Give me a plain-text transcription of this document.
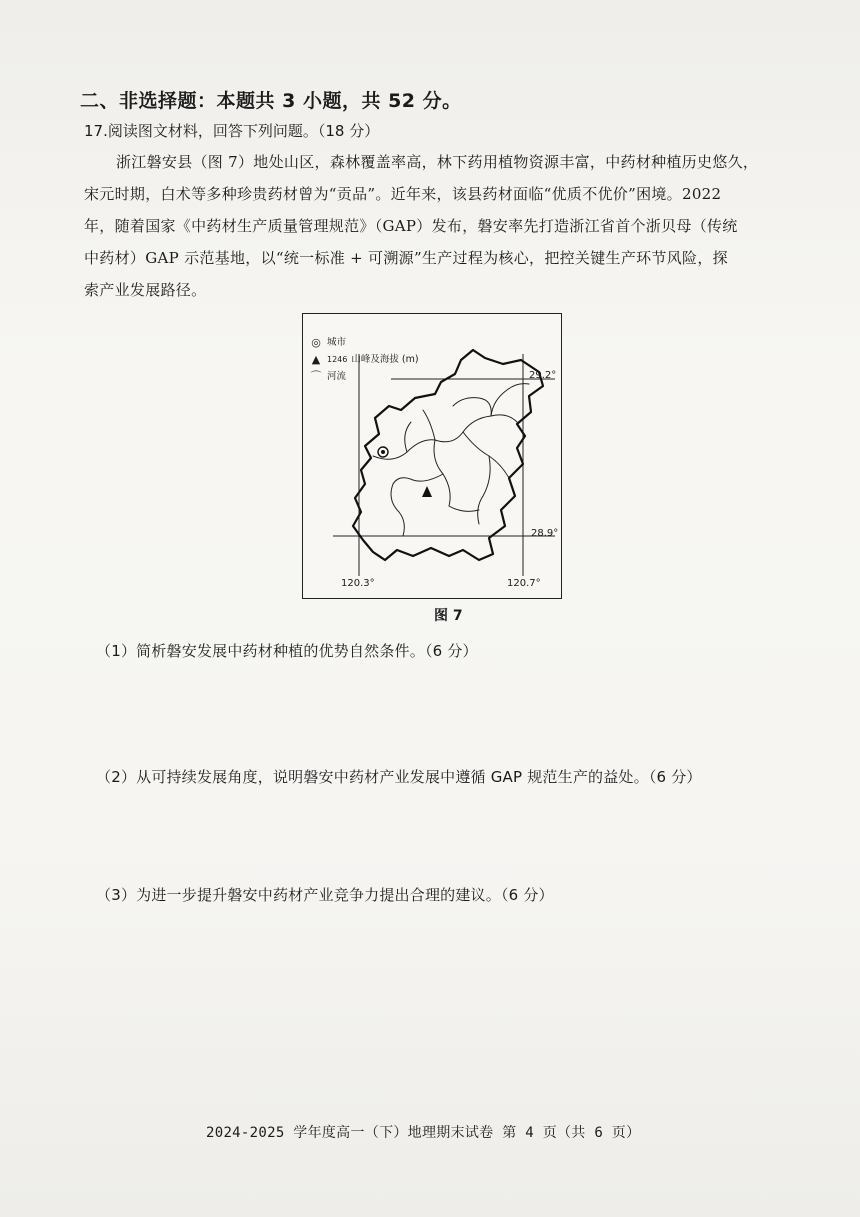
二、非选择题：本题共 3 小题，共 52 分。
17.阅读图文材料，回答下列问题。（18 分）
浙江磐安县（图 7）地处山区，森林覆盖率高，林下药用植物资源丰富，中药材种植历史悠久，
宋元时期，白术等多种珍贵药材曾为“贡品”。近年来，该县药材面临“优质不优价”困境。2022
年，随着国家《中药材生产质量管理规范》（GAP）发布，磐安率先打造浙江省首个浙贝母（传统
中药材）GAP 示范基地，以“统一标准 + 可溯源”生产过程为核心，把控关键生产环节风险，探
索产业发展路径。
◎ 城市
▲ 1246 山峰及海拔 (m)
⌒ 河流	29.2°
28.9°
120.3°	120.7°
图 7
（1）简析磐安发展中药材种植的优势自然条件。（6 分）
（2）从可持续发展角度，说明磐安中药材产业发展中遵循 GAP 规范生产的益处。（6 分）
（3）为进一步提升磐安中药材产业竞争力提出合理的建议。（6 分）
2024-2025 学年度高一（下）地理期末试卷 第 4 页（共 6 页）
